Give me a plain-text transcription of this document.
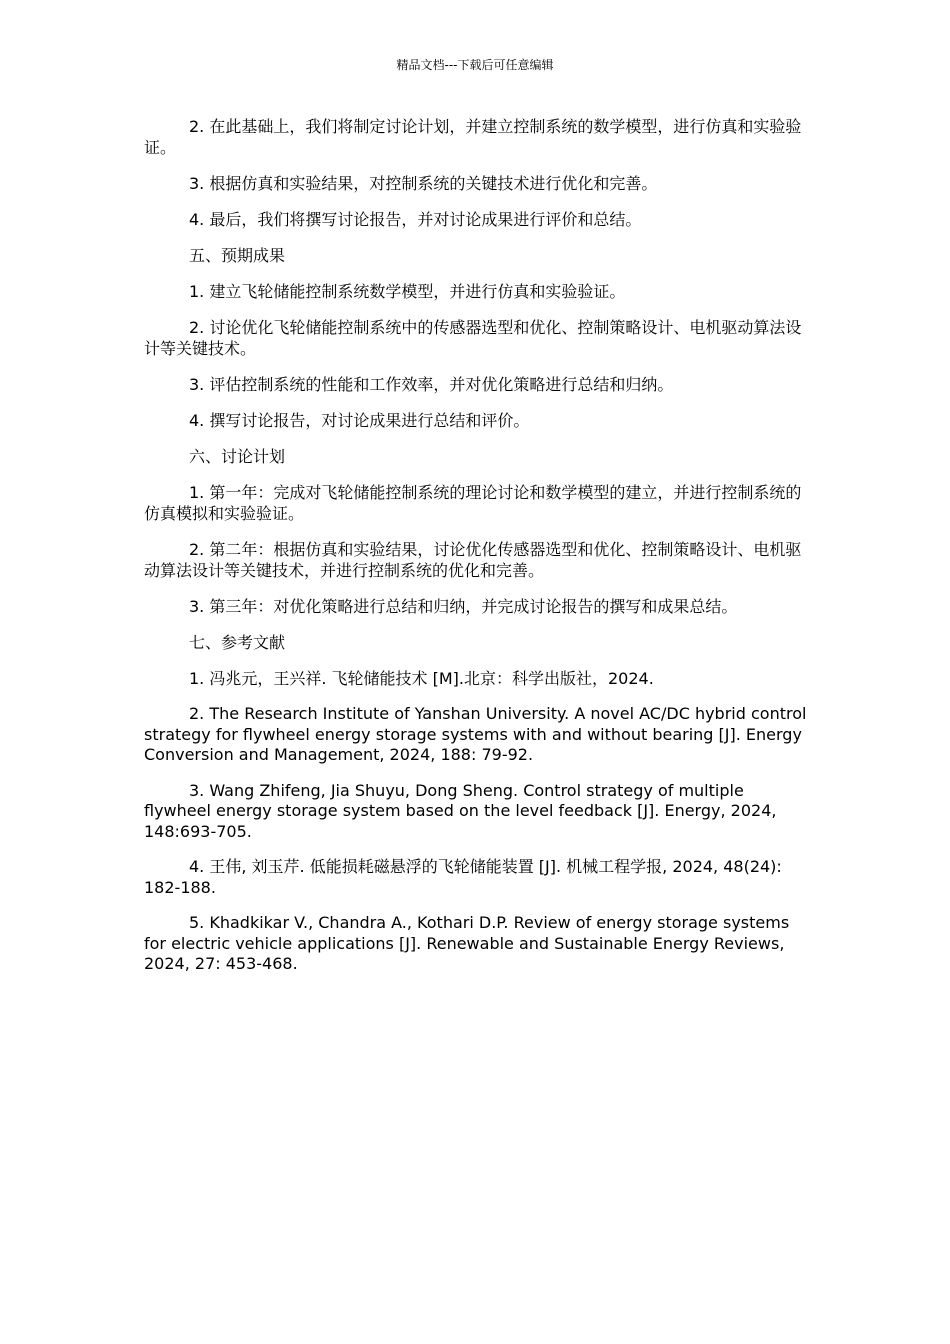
精品文档---下载后可任意编辑

2. 在此基础上，我们将制定讨论计划，并建立控制系统的数学模型，进行仿真和实验验证。

3. 根据仿真和实验结果，对控制系统的关键技术进行优化和完善。

4. 最后，我们将撰写讨论报告，并对讨论成果进行评价和总结。

五、预期成果

1. 建立飞轮储能控制系统数学模型，并进行仿真和实验验证。

2. 讨论优化飞轮储能控制系统中的传感器选型和优化、控制策略设计、电机驱动算法设计等关键技术。

3. 评估控制系统的性能和工作效率，并对优化策略进行总结和归纳。

4. 撰写讨论报告，对讨论成果进行总结和评价。

六、讨论计划

1. 第一年：完成对飞轮储能控制系统的理论讨论和数学模型的建立，并进行控制系统的仿真模拟和实验验证。

2. 第二年：根据仿真和实验结果，讨论优化传感器选型和优化、控制策略设计、电机驱动算法设计等关键技术，并进行控制系统的优化和完善。

3. 第三年：对优化策略进行总结和归纳，并完成讨论报告的撰写和成果总结。

七、参考文献

1. 冯兆元，王兴祥. 飞轮储能技术 [M].北京：科学出版社，2024.

2. The Research Institute of Yanshan University. A novel AC/DC hybrid control strategy for flywheel energy storage systems with and without bearing [J]. Energy Conversion and Management, 2024, 188: 79-92.

3. Wang Zhifeng, Jia Shuyu, Dong Sheng. Control strategy of multiple flywheel energy storage system based on the level feedback [J]. Energy, 2024, 148:693-705.

4. 王伟, 刘玉芹. 低能损耗磁悬浮的飞轮储能装置 [J]. 机械工程学报, 2024, 48(24): 182-188.

5. Khadkikar V., Chandra A., Kothari D.P. Review of energy storage systems for electric vehicle applications [J]. Renewable and Sustainable Energy Reviews, 2024, 27: 453-468.
